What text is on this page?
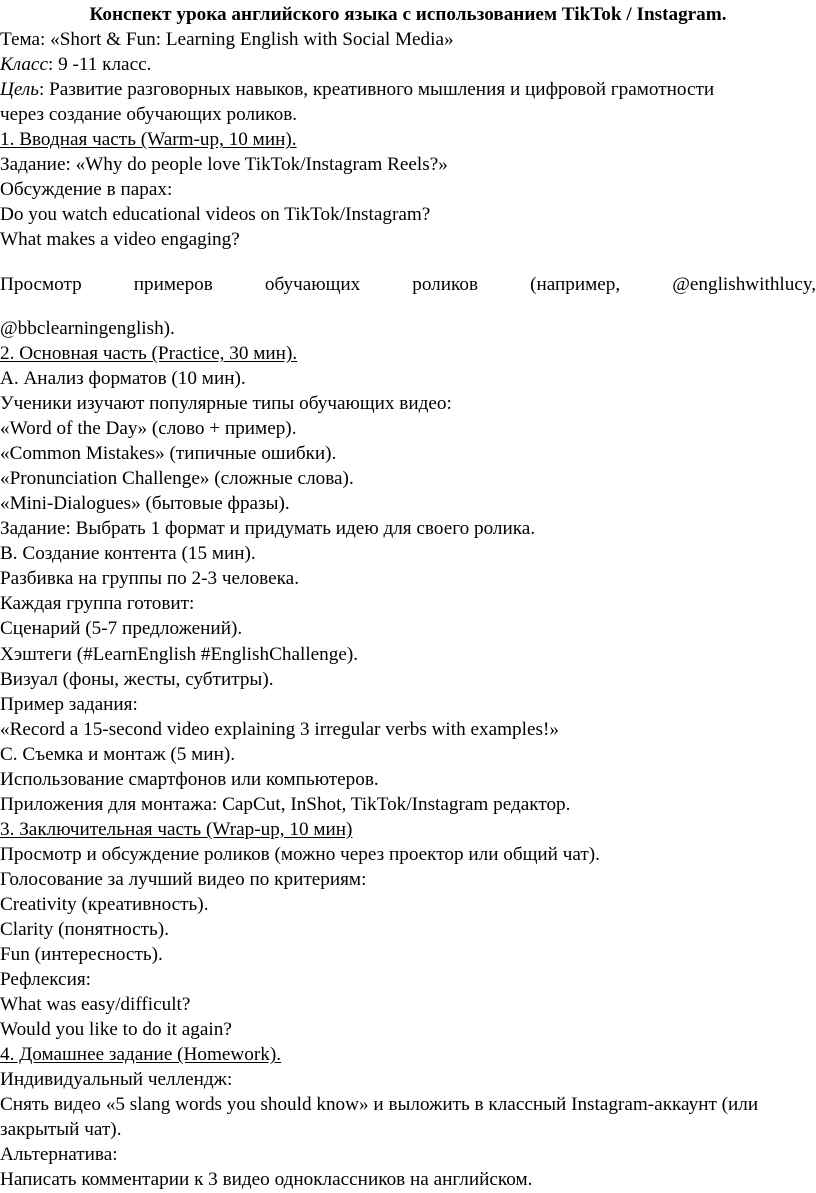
Конспект урока английского языка с использованием TikTok / Instagram.

Тема: «Short & Fun: Learning English with Social Media»

Класс: 9 -11 класс.

Цель: Развитие разговорных навыков, креативного мышления и цифровой грамотности

через создание обучающих роликов.

1. Вводная часть (Warm-up, 10 мин).

Задание: «Why do people love TikTok/Instagram Reels?»

Обсуждение в парах:

Do you watch educational videos on TikTok/Instagram?

What makes a video engaging?

Просмотр	примеров	обучающих	роликов	(например,	@englishwithlucy,

@bbclearningenglish).

2. Основная часть (Practice, 30 мин).

А. Анализ форматов (10 мин).

Ученики изучают популярные типы обучающих видео:

«Word of the Day» (слово + пример).

«Common Mistakes» (типичные ошибки).

«Pronunciation Challenge» (сложные слова).

«Mini-Dialogues» (бытовые фразы).

Задание: Выбрать 1 формат и придумать идею для своего ролика.

В. Создание контента (15 мин).

Разбивка на группы по 2-3 человека.

Каждая группа готовит:

Сценарий (5-7 предложений).

Хэштеги (#LearnEnglish #EnglishChallenge).

Визуал (фоны, жесты, субтитры).

Пример задания:

«Record a 15-second video explaining 3 irregular verbs with examples!»

С. Съемка и монтаж (5 мин).

Использование смартфонов или компьютеров.

Приложения для монтажа: CapCut, InShot, TikTok/Instagram редактор.

3. Заключительная часть (Wrap-up, 10 мин)

Просмотр и обсуждение роликов (можно через проектор или общий чат).

Голосование за лучший видео по критериям:

Creativity (креативность).

Clarity (понятность).

Fun (интересность).

Рефлексия:

What was easy/difficult?

Would you like to do it again?

4. Домашнее задание (Homework).

Индивидуальный челлендж:

Снять видео «5 slang words you should know» и выложить в классный Instagram-аккаунт (или закрытый чат).

Альтернатива:

Написать комментарии к 3 видео одноклассников на английском.
